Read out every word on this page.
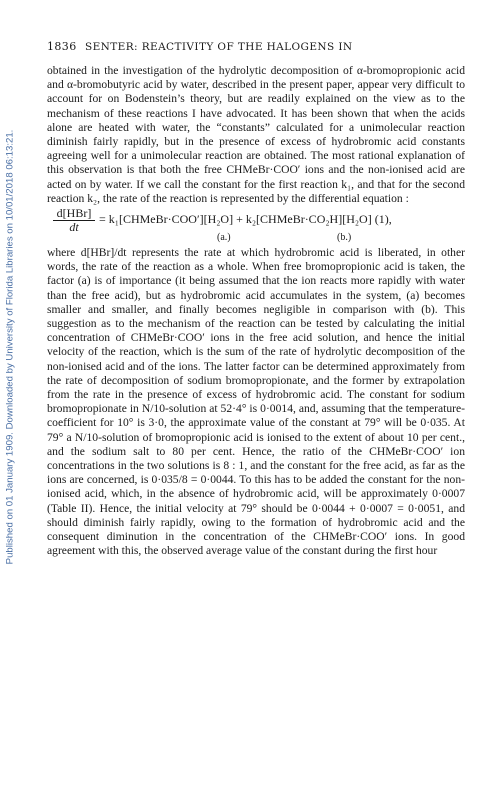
Published on 01 January 1909. Downloaded by University of Florida Libraries on 10/01/2018 06:13:21.
1836 SENTER: REACTIVITY OF THE HALOGENS IN

obtained in the investigation of the hydrolytic decomposition of α-bromopropionic acid and α-bromobutyric acid by water, described in the present paper, appear very difficult to account for on Bodenstein’s theory, but are readily explained on the view as to the mechanism of these reactions I have advocated. It has been shown that when the acids alone are heated with water, the “constants” calculated for a unimolecular reaction diminish fairly rapidly, but in the presence of excess of hydrobromic acid constants agreeing well for a unimolecular reaction are obtained. The most rational explanation of this observation is that both the free CHMeBr·COO′ ions and the non-ionised acid are acted on by water. If we call the constant for the first reaction k₁, and that for the second reaction k₂, the rate of the reaction is represented by the differential equation :

d[HBr]
dt
= k₁[CHMeBr·COO′][H₂O] + k₂[CHMeBr·CO₂H][H₂O] (1),
(a.)	(b.)

where d[HBr]/dt represents the rate at which hydrobromic acid is liberated, in other words, the rate of the reaction as a whole. When free bromopropionic acid is taken, the factor (a) is of importance (it being assumed that the ion reacts more rapidly with water than the free acid), but as hydrobromic acid accumulates in the system, (a) becomes smaller and smaller, and finally becomes negligible in comparison with (b). This suggestion as to the mechanism of the reaction can be tested by calculating the initial concentration of CHMeBr·COO′ ions in the free acid solution, and hence the initial velocity of the reaction, which is the sum of the rate of hydrolytic decomposition of the non-ionised acid and of the ions. The latter factor can be determined approximately from the rate of decomposition of sodium bromopropionate, and the former by extrapolation from the rate in the presence of excess of hydrobromic acid. The constant for sodium bromopropionate in N/10-solution at 52·4° is 0·0014, and, assuming that the temperature-coefficient for 10° is 3·0, the approximate value of the constant at 79° will be 0·035. At 79° a N/10-solution of bromopropionic acid is ionised to the extent of about 10 per cent., and the sodium salt to 80 per cent. Hence, the ratio of the CHMeBr·COO′ ion concentrations in the two solutions is 8 : 1, and the constant for the free acid, as far as the ions are concerned, is 0·035/8 = 0·0044. To this has to be added the constant for the non-ionised acid, which, in the absence of hydrobromic acid, will be approximately 0·0007 (Table II). Hence, the initial velocity at 79° should be 0·0044 + 0·0007 = 0·0051, and should diminish fairly rapidly, owing to the formation of hydrobromic acid and the consequent diminution in the concentration of the CHMeBr·COO′ ions. In good agreement with this, the observed average value of the constant during the first hour
